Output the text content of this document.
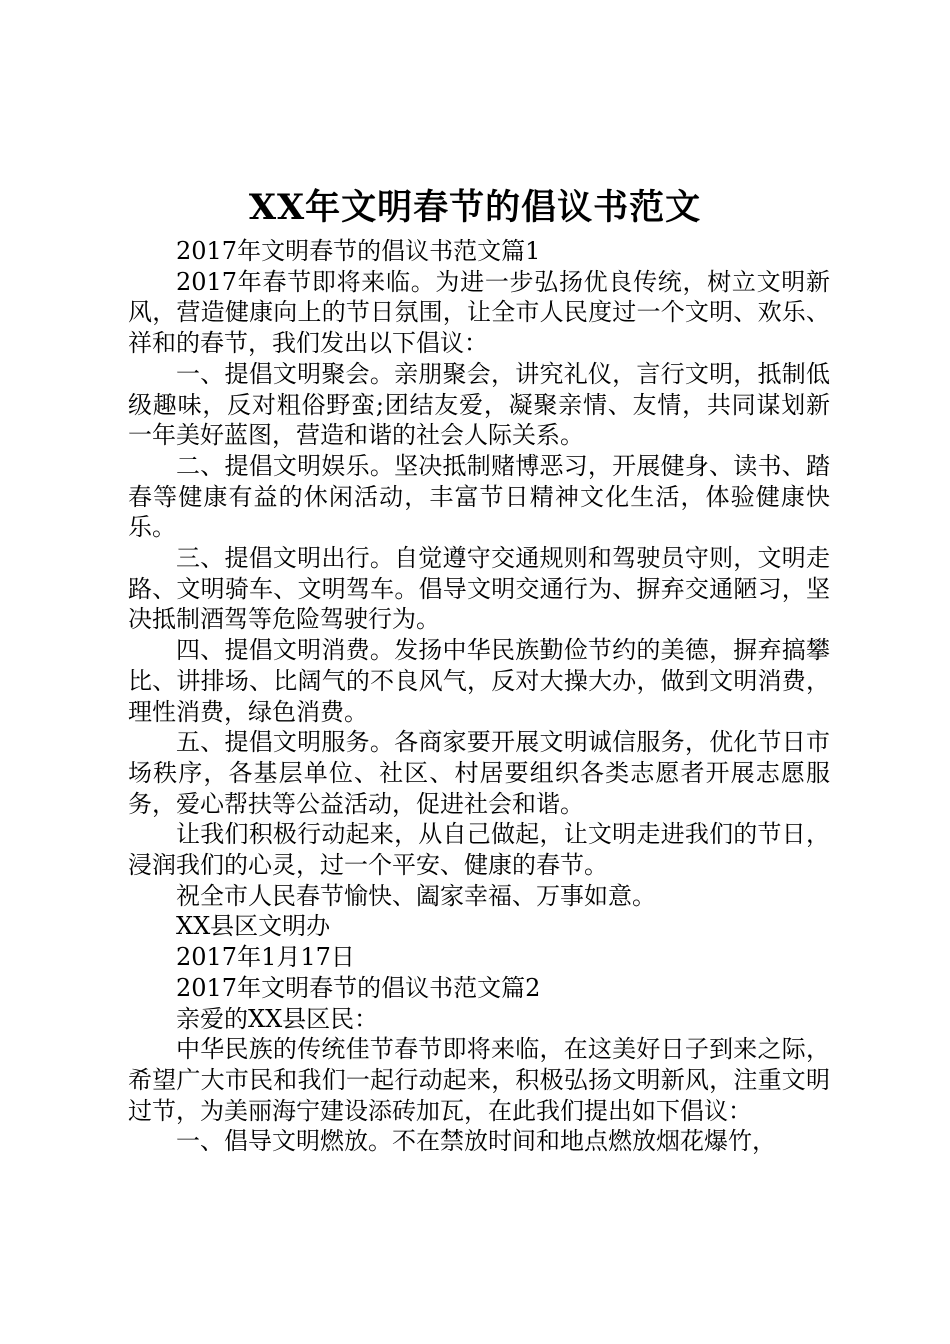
XX年文明春节的倡议书范文

2017年文明春节的倡议书范文篇1

2017年春节即将来临。为进一步弘扬优良传统，树立文明新风，营造健康向上的节日氛围，让全市人民度过一个文明、欢乐、祥和的春节，我们发出以下倡议：

一、提倡文明聚会。亲朋聚会，讲究礼仪，言行文明，抵制低级趣味，反对粗俗野蛮;团结友爱，凝聚亲情、友情，共同谋划新一年美好蓝图，营造和谐的社会人际关系。

二、提倡文明娱乐。坚决抵制赌博恶习，开展健身、读书、踏春等健康有益的休闲活动，丰富节日精神文化生活，体验健康快乐。

三、提倡文明出行。自觉遵守交通规则和驾驶员守则，文明走路、文明骑车、文明驾车。倡导文明交通行为、摒弃交通陋习，坚决抵制酒驾等危险驾驶行为。

四、提倡文明消费。发扬中华民族勤俭节约的美德，摒弃搞攀比、讲排场、比阔气的不良风气，反对大操大办，做到文明消费，理性消费，绿色消费。

五、提倡文明服务。各商家要开展文明诚信服务，优化节日市场秩序，各基层单位、社区、村居要组织各类志愿者开展志愿服务，爱心帮扶等公益活动，促进社会和谐。

让我们积极行动起来，从自己做起，让文明走进我们的节日，浸润我们的心灵，过一个平安、健康的春节。

祝全市人民春节愉快、阖家幸福、万事如意。

XX县区文明办

2017年1月17日

2017年文明春节的倡议书范文篇2

亲爱的XX县区民：

中华民族的传统佳节春节即将来临，在这美好日子到来之际，希望广大市民和我们一起行动起来，积极弘扬文明新风，注重文明过节，为美丽海宁建设添砖加瓦，在此我们提出如下倡议：

一、倡导文明燃放。不在禁放时间和地点燃放烟花爆竹，
